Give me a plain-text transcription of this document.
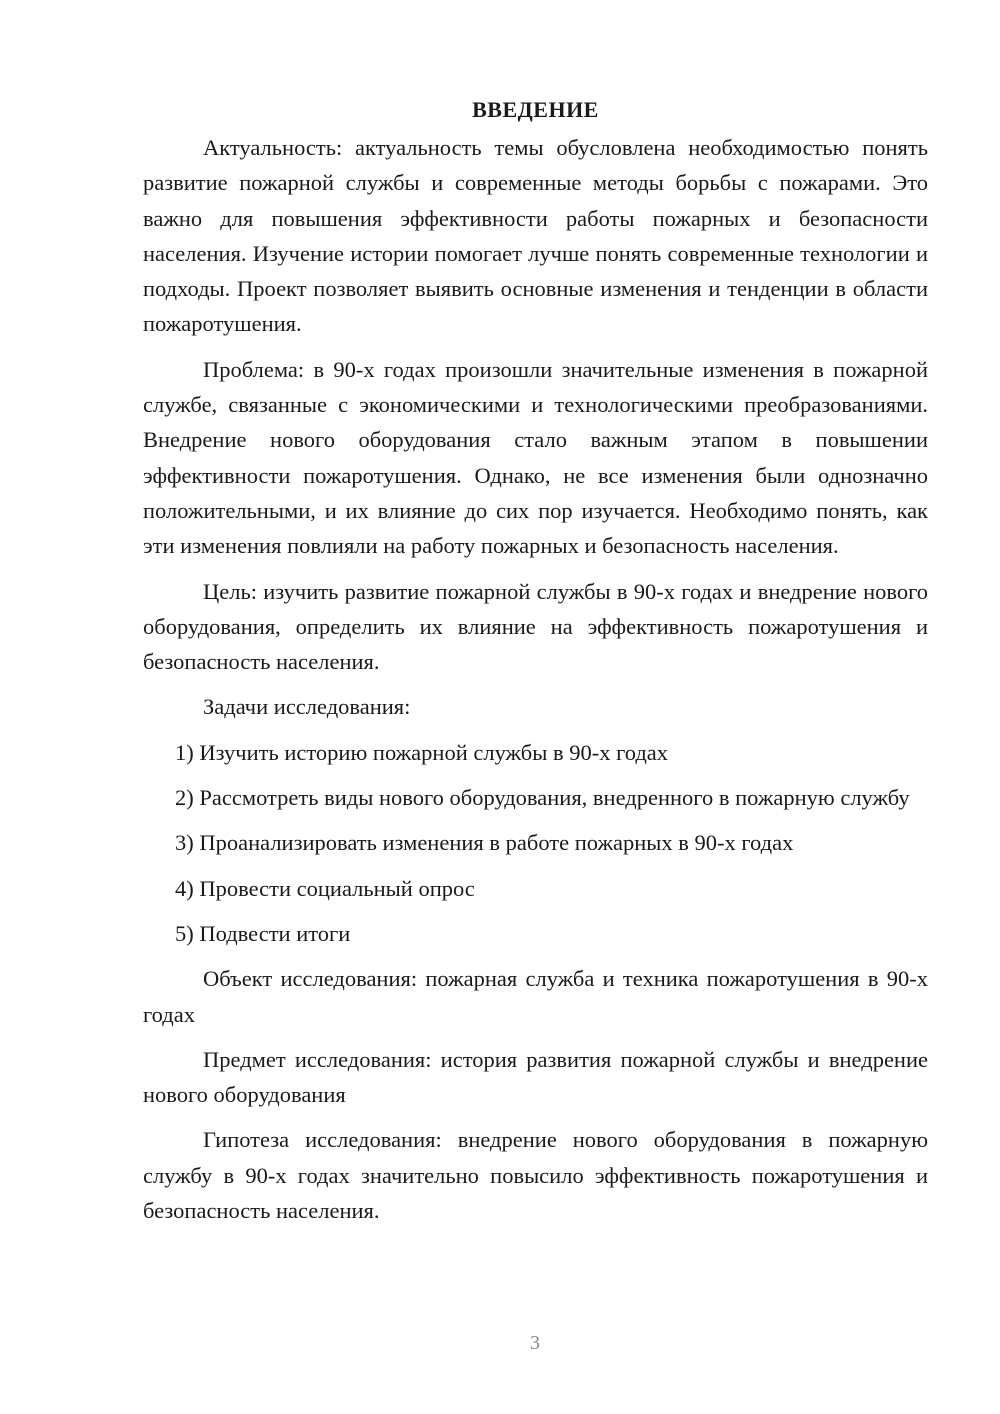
ВВЕДЕНИЕ

Актуальность: актуальность темы обусловлена необходимостью понять развитие пожарной службы и современные методы борьбы с пожарами. Это важно для повышения эффективности работы пожарных и безопасности населения. Изучение истории помогает лучше понять современные технологии и подходы. Проект позволяет выявить основные изменения и тенденции в области пожаротушения.

Проблема: в 90-х годах произошли значительные изменения в пожарной службе, связанные с экономическими и технологическими преобразованиями. Внедрение нового оборудования стало важным этапом в повышении эффективности пожаротушения. Однако, не все изменения были однозначно положительными, и их влияние до сих пор изучается. Необходимо понять, как эти изменения повлияли на работу пожарных и безопасность населения.

Цель: изучить развитие пожарной службы в 90-х годах и внедрение нового оборудования, определить их влияние на эффективность пожаротушения и безопасность населения.

Задачи исследования:

1) Изучить историю пожарной службы в 90-х годах

2) Рассмотреть виды нового оборудования, внедренного в пожарную службу

3) Проанализировать изменения в работе пожарных в 90-х годах

4) Провести социальный опрос

5) Подвести итоги

Объект исследования: пожарная служба и техника пожаротушения в 90-х годах

Предмет исследования: история развития пожарной службы и внедрение нового оборудования

Гипотеза исследования: внедрение нового оборудования в пожарную службу в 90-х годах значительно повысило эффективность пожаротушения и безопасность населения.

3
